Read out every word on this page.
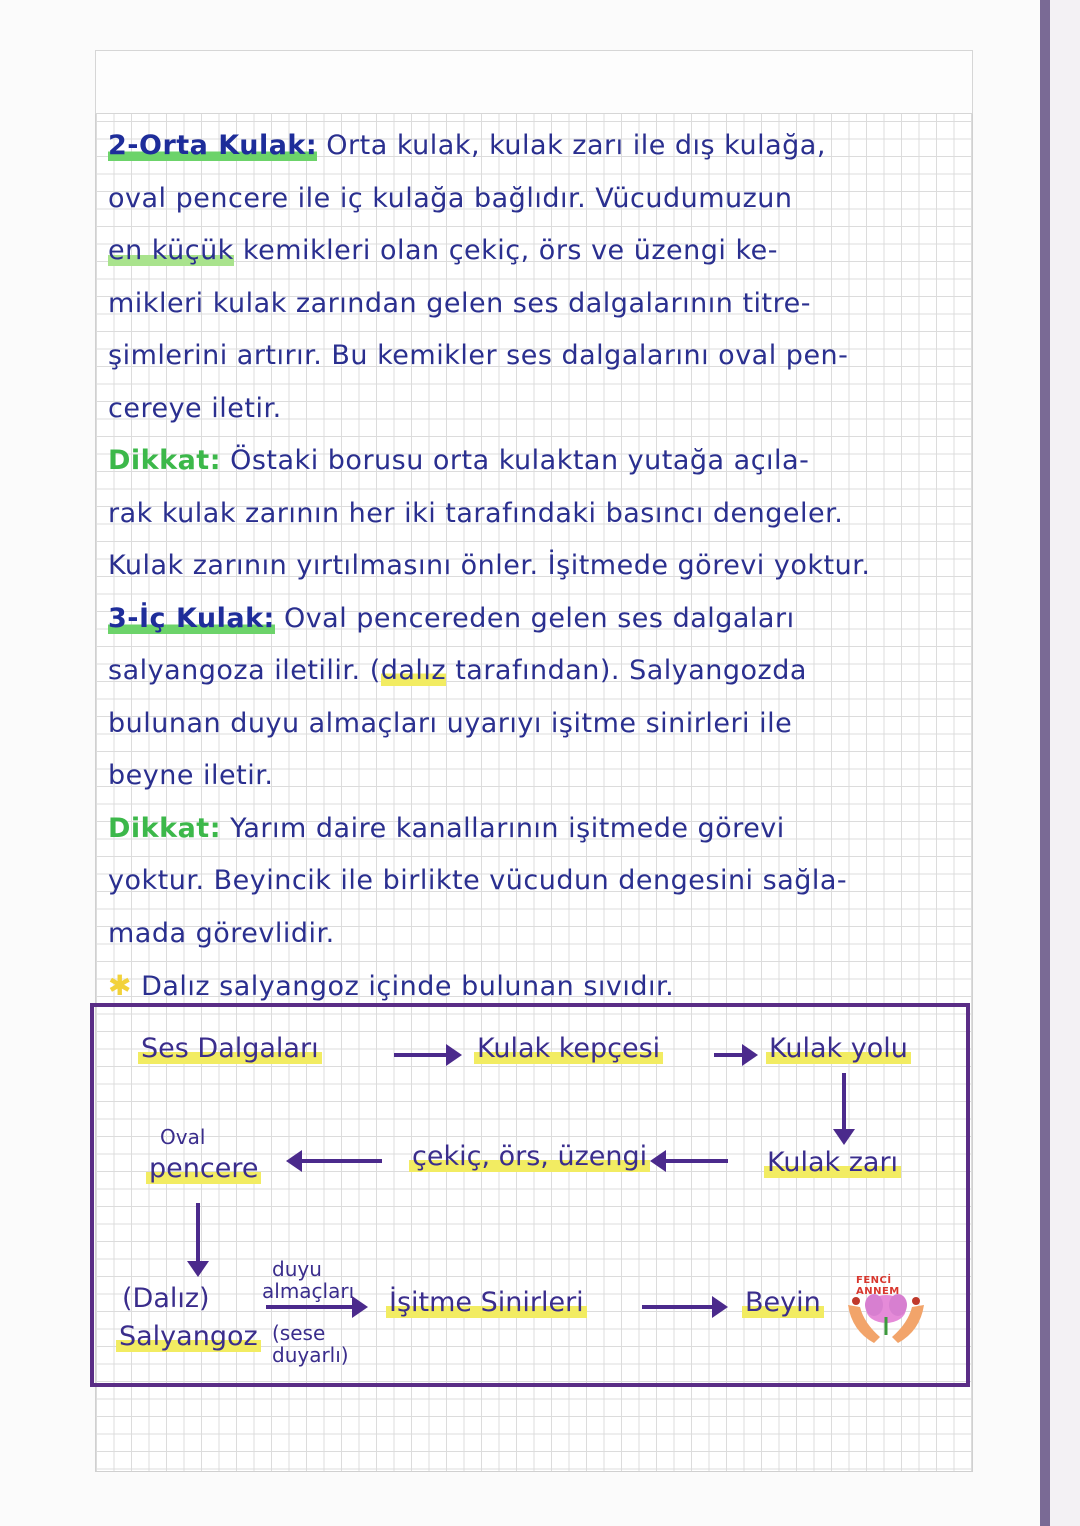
2-Orta Kulak: Orta kulak, kulak zarı ile dış kulağa,
oval pencere ile iç kulağa bağlıdır. Vücudumuzun
en küçük kemikleri olan çekiç, örs ve üzengi ke-
mikleri kulak zarından gelen ses dalgalarının titre-
şimlerini artırır. Bu kemikler ses dalgalarını oval pen-
cereye iletir.
Dikkat: Östaki borusu orta kulaktan yutağa açıla-
rak kulak zarının her iki tarafındaki basıncı dengeler.
Kulak zarının yırtılmasını önler. İşitmede görevi yoktur.
3-İç Kulak: Oval pencereden gelen ses dalgaları
salyangoza iletilir. (dalız tarafından). Salyangozda
bulunan duyu almaçları uyarıyı işitme sinirleri ile
beyne iletir.
Dikkat: Yarım daire kanallarının işitmede görevi
yoktur. Beyincik ile birlikte vücudun dengesini sağla-
mada görevlidir.
✱ Dalız salyangoz içinde bulunan sıvıdır.
Ses Dalgaları	Kulak kepçesi	Kulak yolu
Kulak zarı
çekiç, örs, üzengi
Oval
pencere
(Dalız)
Salyangoz
duyu
almaçları
(sese
duyarlı)
İşitme Sinirleri	Beyin
FENCİ ANNEM
